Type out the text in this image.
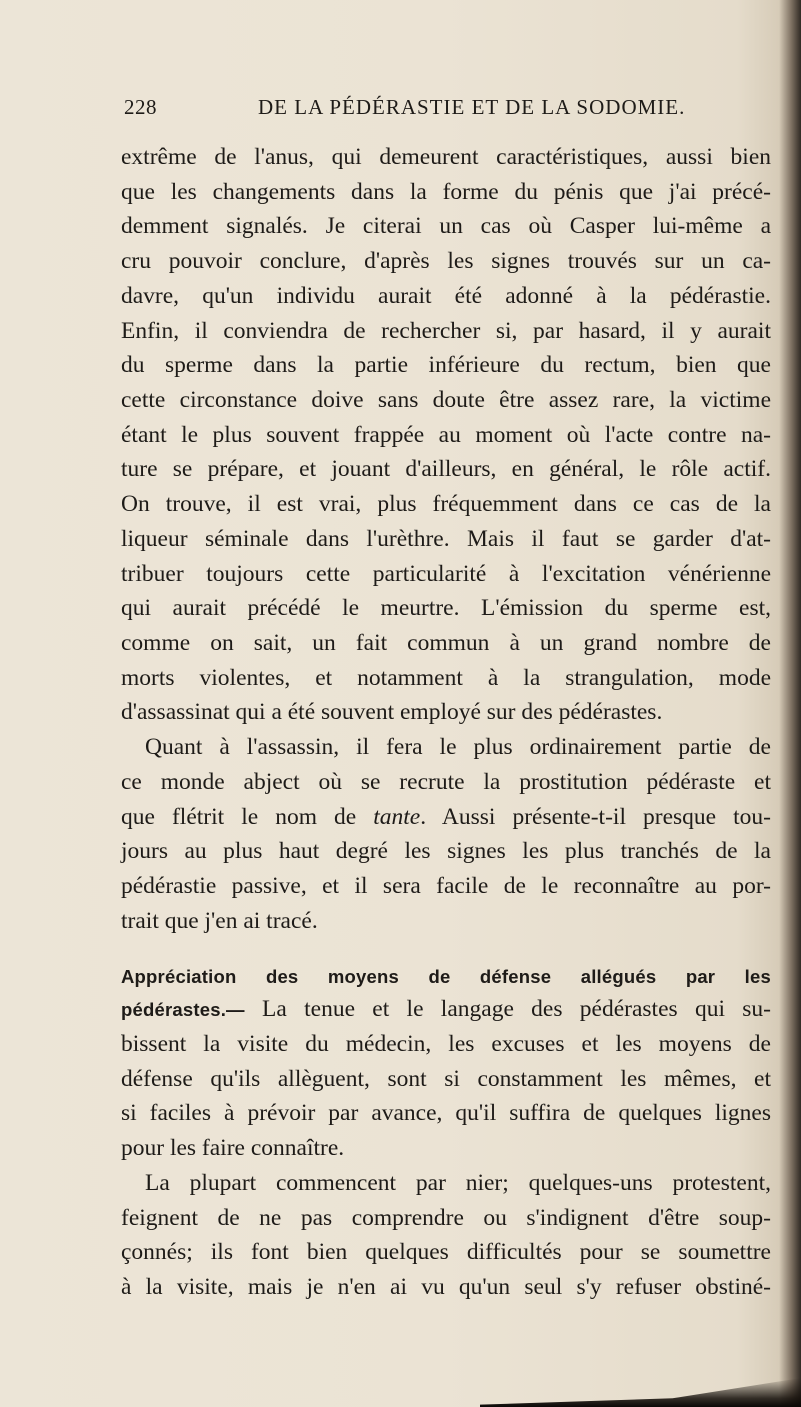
228	DE LA PÉDÉRASTIE ET DE LA SODOMIE.
extrême de l'anus, qui demeurent caractéristiques, aussi bien
que les changements dans la forme du pénis que j'ai précé-
demment signalés. Je citerai un cas où Casper lui-même a
cru pouvoir conclure, d'après les signes trouvés sur un ca-
davre, qu'un individu aurait été adonné à la pédérastie.
Enfin, il conviendra de rechercher si, par hasard, il y aurait
du sperme dans la partie inférieure du rectum, bien que
cette circonstance doive sans doute être assez rare, la victime
étant le plus souvent frappée au moment où l'acte contre na-
ture se prépare, et jouant d'ailleurs, en général, le rôle actif.
On trouve, il est vrai, plus fréquemment dans ce cas de la
liqueur séminale dans l'urèthre. Mais il faut se garder d'at-
tribuer toujours cette particularité à l'excitation vénérienne
qui aurait précédé le meurtre. L'émission du sperme est,
comme on sait, un fait commun à un grand nombre de
morts violentes, et notamment à la strangulation, mode
d'assassinat qui a été souvent employé sur des pédérastes.
Quant à l'assassin, il fera le plus ordinairement partie de
ce monde abject où se recrute la prostitution pédéraste et
que flétrit le nom de tante. Aussi présente-t-il presque tou-
jours au plus haut degré les signes les plus tranchés de la
pédérastie passive, et il sera facile de le reconnaître au por-
trait que j'en ai tracé.
Appréciation des moyens de défense allégués par les
pédérastes.— La tenue et le langage des pédérastes qui su-
bissent la visite du médecin, les excuses et les moyens de
défense qu'ils allèguent, sont si constamment les mêmes, et
si faciles à prévoir par avance, qu'il suffira de quelques lignes
pour les faire connaître.
La plupart commencent par nier; quelques-uns protestent,
feignent de ne pas comprendre ou s'indignent d'être soup-
çonnés; ils font bien quelques difficultés pour se soumettre
à la visite, mais je n'en ai vu qu'un seul s'y refuser obstiné-
